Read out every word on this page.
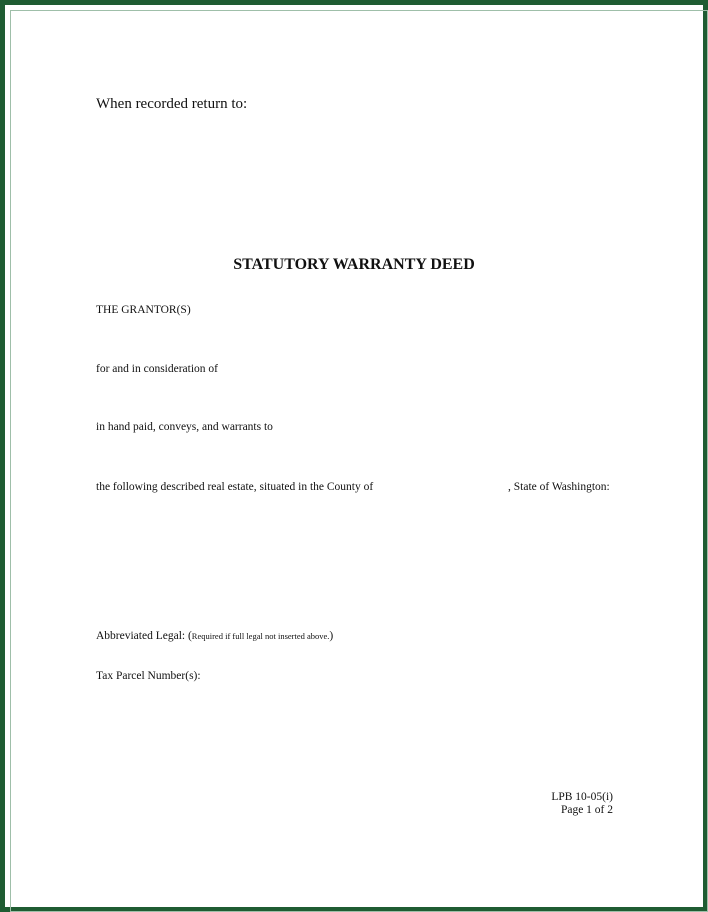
When recorded return to:

STATUTORY WARRANTY DEED

THE GRANTOR(S)

for and in consideration of

in hand paid, conveys, and warrants to

the following described real estate, situated in the County of	, State of Washington:

Abbreviated Legal: (Required if full legal not inserted above.)

Tax Parcel Number(s):

LPB 10-05(i)

Page 1 of 2
